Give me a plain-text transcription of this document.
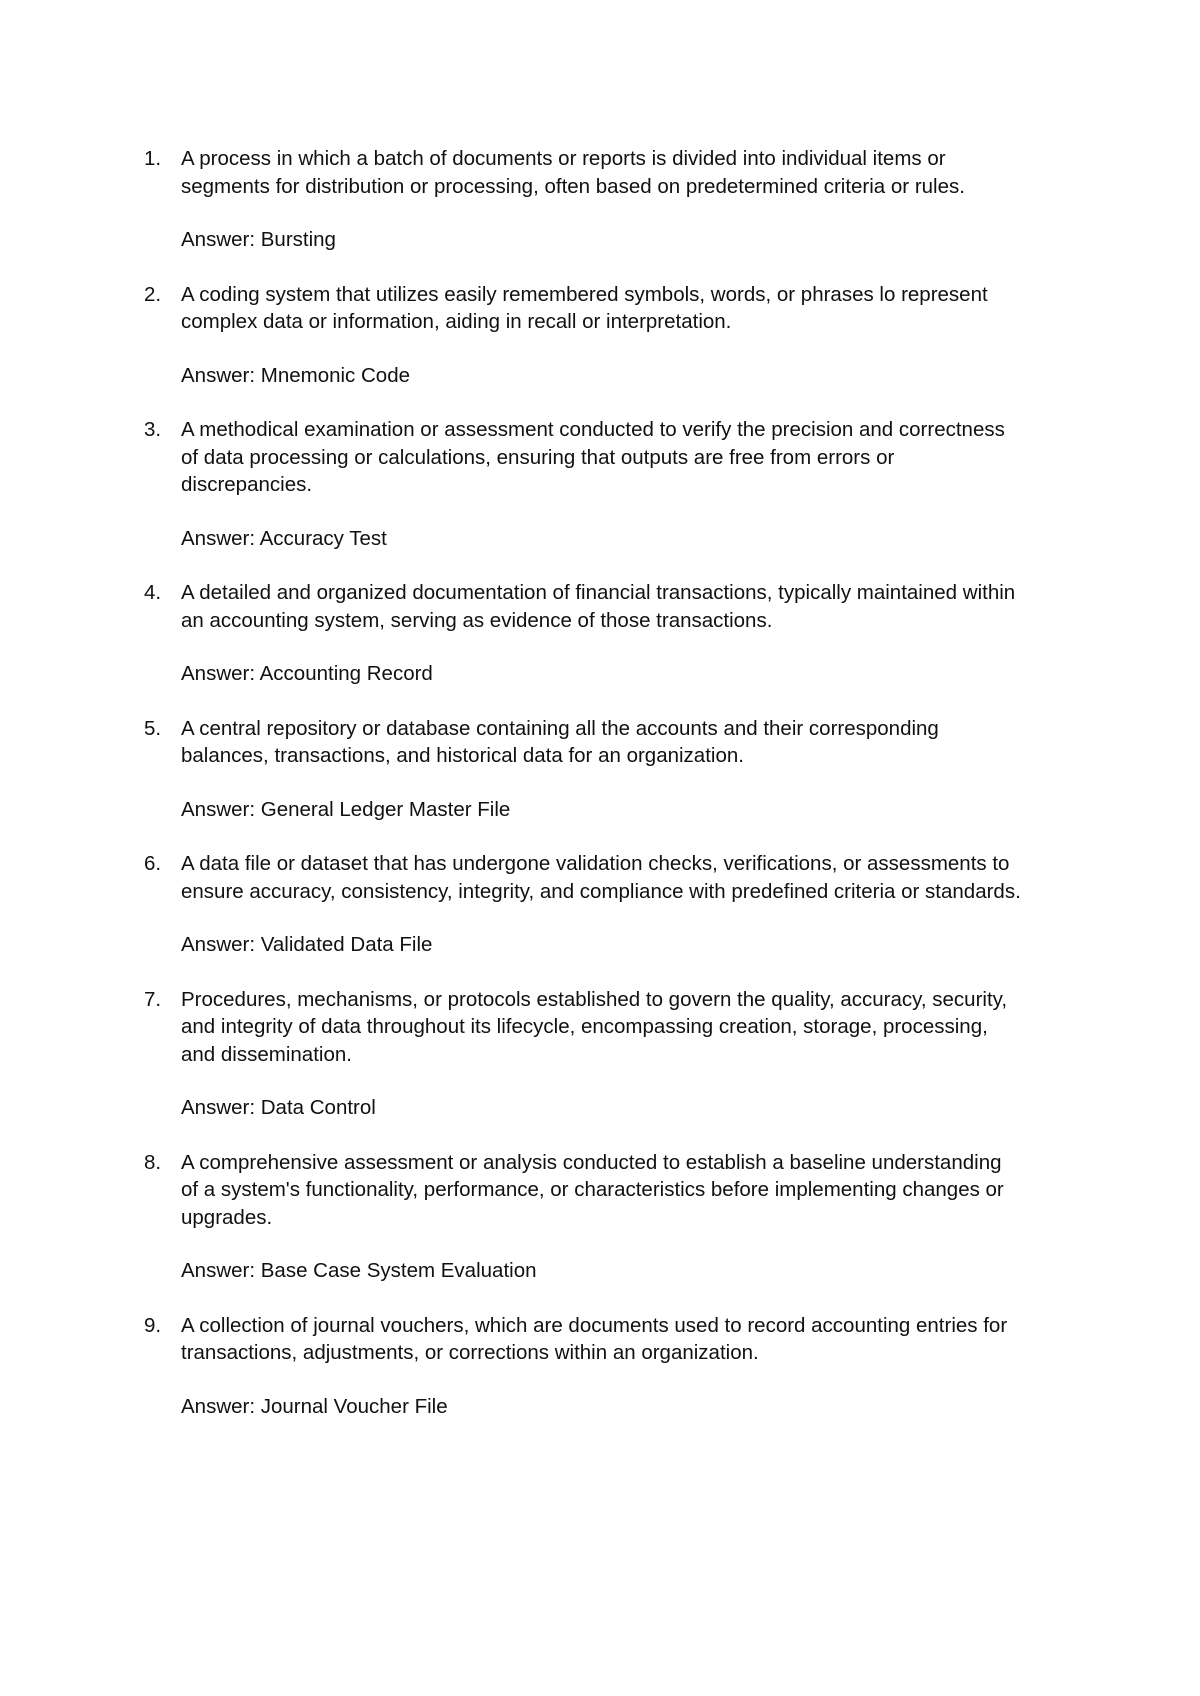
1. A process in which a batch of documents or reports is divided into individual items or
segments for distribution or processing, often based on predetermined criteria or rules.
Answer: Bursting
2. A coding system that utilizes easily remembered symbols, words, or phrases lo represent
complex data or information, aiding in recall or interpretation.
Answer: Mnemonic Code
3. A methodical examination or assessment conducted to verify the precision and correctness
of data processing or calculations, ensuring that outputs are free from errors or
discrepancies.
Answer: Accuracy Test
4. A detailed and organized documentation of financial transactions, typically maintained within
an accounting system, serving as evidence of those transactions.
Answer: Accounting Record
5. A central repository or database containing all the accounts and their corresponding
balances, transactions, and historical data for an organization.
Answer: General Ledger Master File
6. A data file or dataset that has undergone validation checks, verifications, or assessments to
ensure accuracy, consistency, integrity, and compliance with predefined criteria or standards.
Answer: Validated Data File
7. Procedures, mechanisms, or protocols established to govern the quality, accuracy, security,
and integrity of data throughout its lifecycle, encompassing creation, storage, processing,
and dissemination.
Answer: Data Control
8. A comprehensive assessment or analysis conducted to establish a baseline understanding
of a system's functionality, performance, or characteristics before implementing changes or
upgrades.
Answer: Base Case System Evaluation
9. A collection of journal vouchers, which are documents used to record accounting entries for
transactions, adjustments, or corrections within an organization.
Answer: Journal Voucher File
